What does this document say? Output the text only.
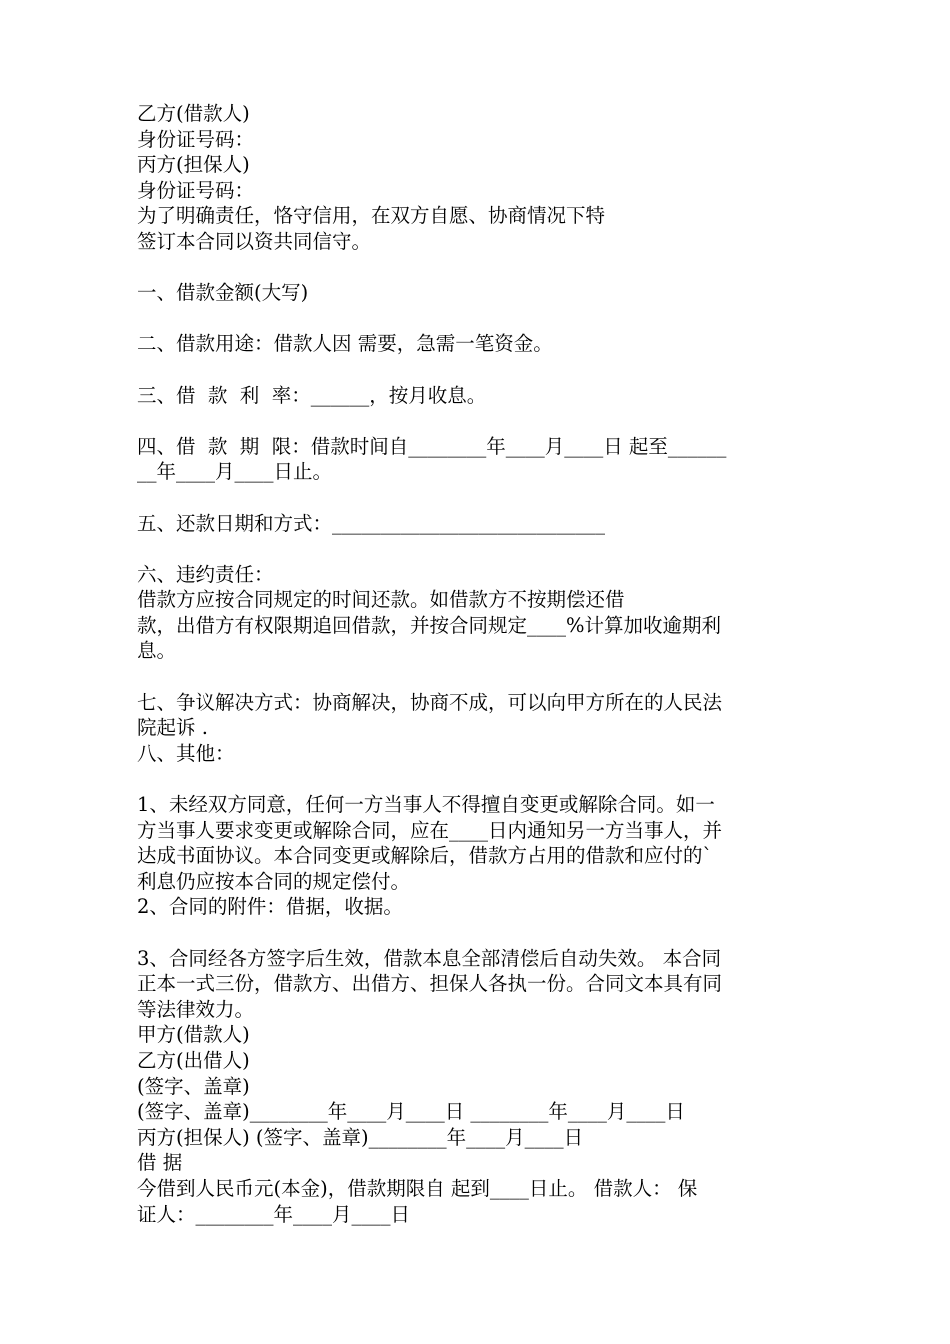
乙方(借款人)
身份证号码：
丙方(担保人)
身份证号码：
为了明确责任，恪守信用，在双方自愿、协商情况下特
签订本合同以资共同信守。
一、借款金额(大写)
二、借款用途：借款人因 需要，急需一笔资金。
三、借  款  利  率：______，按月收息。
四、借  款  期  限：借款时间自________年____月____日 起至______
__年____月____日止。
五、还款日期和方式：____________________________
六、违约责任：
借款方应按合同规定的时间还款。如借款方不按期偿还借
款，出借方有权限期追回借款，并按合同规定____%计算加收逾期利
息。
七、争议解决方式：协商解决，协商不成，可以向甲方所在的人民法
院起诉 .
八、其他：
1、未经双方同意，任何一方当事人不得擅自变更或解除合同。如一
方当事人要求变更或解除合同，应在____日内通知另一方当事人，并
达成书面协议。本合同变更或解除后，借款方占用的借款和应付的`
利息仍应按本合同的规定偿付。
2、合同的附件：借据，收据。
3、合同经各方签字后生效，借款本息全部清偿后自动失效。 本合同
正本一式三份，借款方、出借方、担保人各执一份。合同文本具有同
等法律效力。
甲方(借款人)
乙方(出借人)
(签字、盖章)
(签字、盖章)________年____月____日 ________年____月____日
丙方(担保人) (签字、盖章)________年____月____日
借 据
今借到人民币元(本金)，借款期限自 起到____日止。 借款人： 保
证人：________年____月____日
